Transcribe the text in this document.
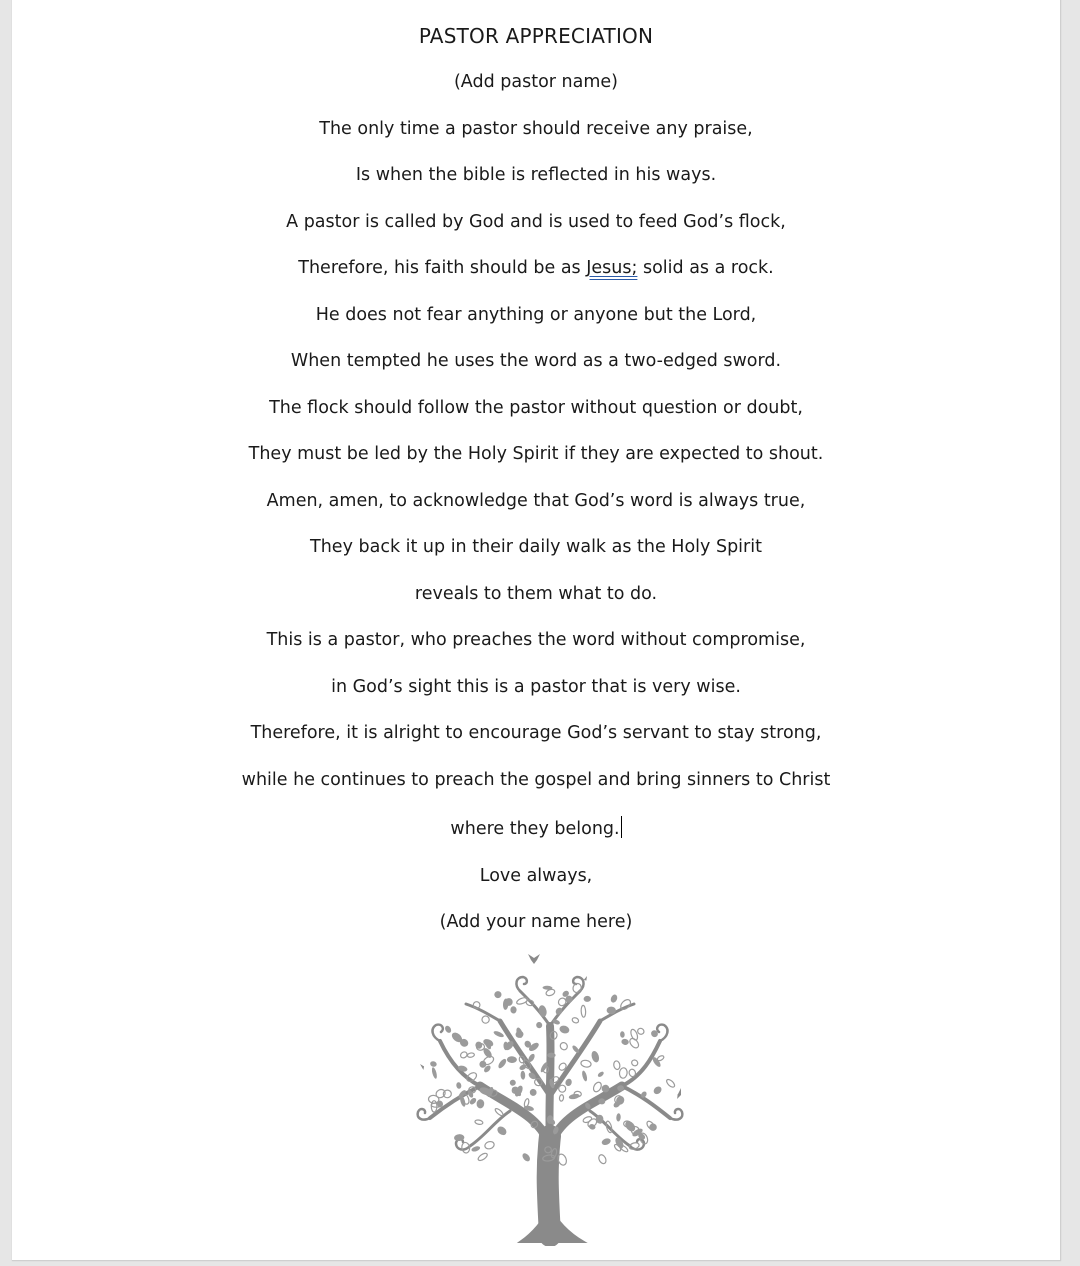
PASTOR APPRECIATION
(Add pastor name)
The only time a pastor should receive any praise,
Is when the bible is reflected in his ways.
A pastor is called by God and is used to feed God’s flock,
Therefore, his faith should be as Jesus; solid as a rock.
He does not fear anything or anyone but the Lord,
When tempted he uses the word as a two-edged sword.
The flock should follow the pastor without question or doubt,
They must be led by the Holy Spirit if they are expected to shout.
Amen, amen, to acknowledge that God’s word is always true,
They back it up in their daily walk as the Holy Spirit
reveals to them what to do.
This is a pastor, who preaches the word without compromise,
in God’s sight this is a pastor that is very wise.
Therefore, it is alright to encourage God’s servant to stay strong,
while he continues to preach the gospel and bring sinners to Christ
where they belong.
Love always,
(Add your name here)
